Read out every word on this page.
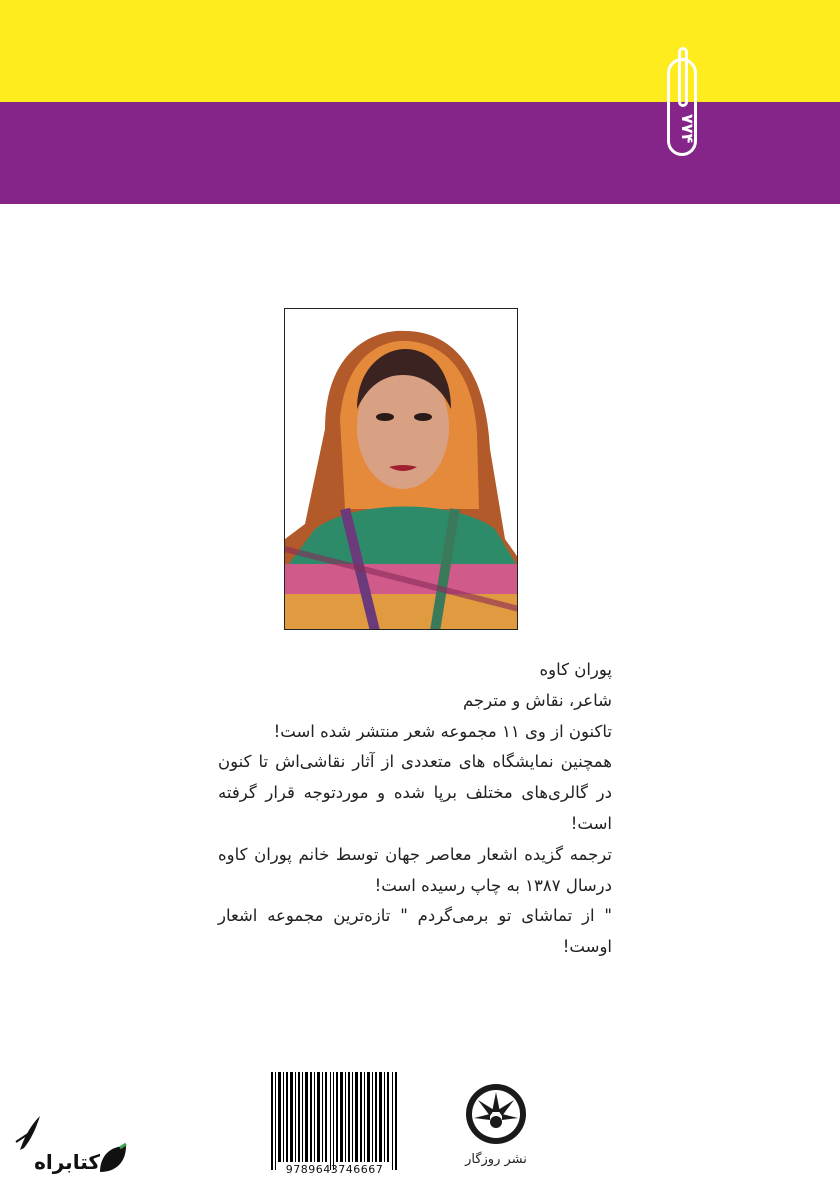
۷۷۴

پوران کاوه

شاعر، نقاش و مترجم

تاکنون از وی ۱۱ مجموعه شعر منتشر شده است!

همچنین نمایشگاه های متعددی از آثار نقاشی‌اش تا کنون در گالری‌های مختلف برپا شده و موردتوجه قرار گرفته است!

ترجمه گزیده اشعار معاصر جهان توسط خانم پوران کاوه درسال ۱۳۸۷ به چاپ رسیده است!

" از تماشای تو برمی‌گردم " تازه‌ترین مجموعه اشعار اوست!

9789643746667
نشر روزگار
کتابراه
